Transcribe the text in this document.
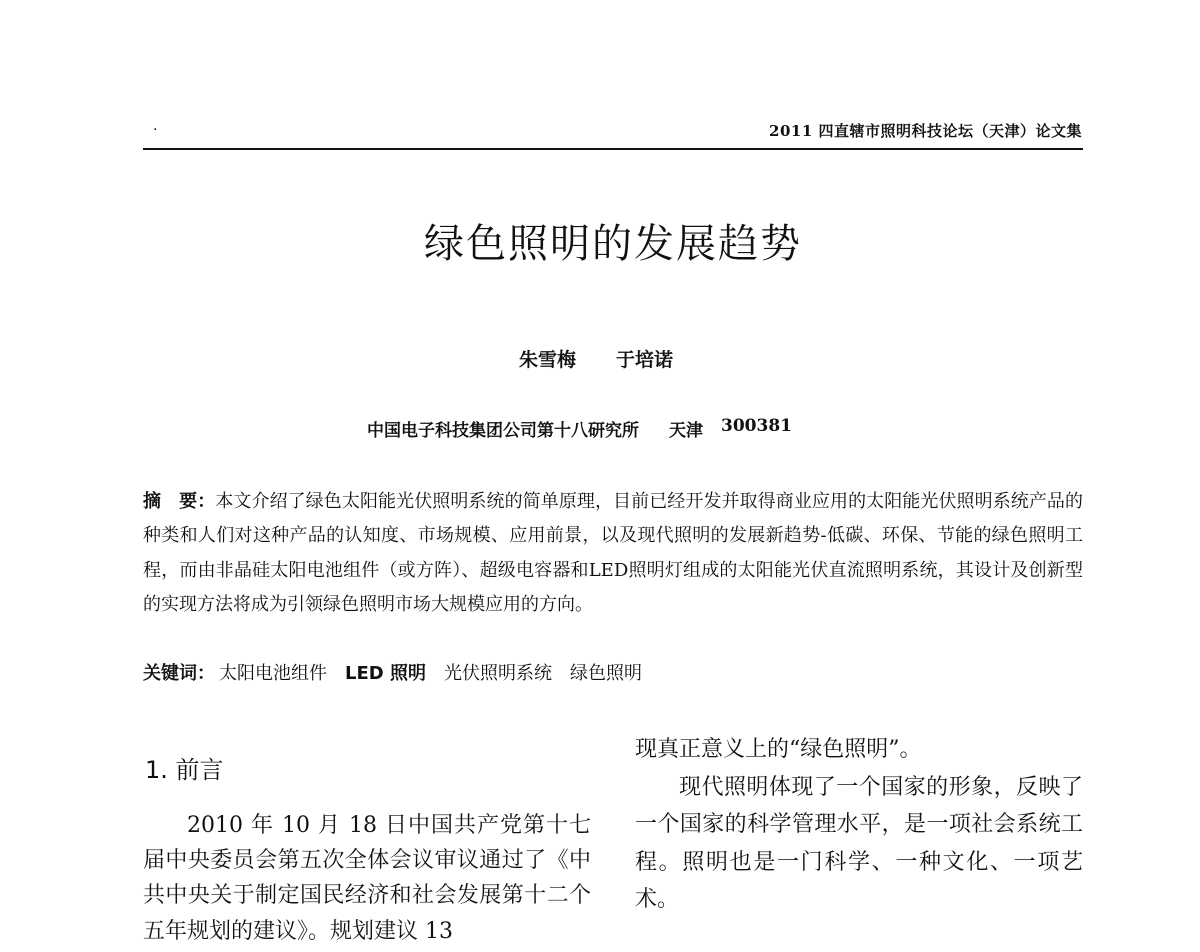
·	2011 四直辖市照明科技论坛（天津）论文集
绿色照明的发展趋势
朱雪梅 于培诺
中国电子科技集团公司第十八研究所 天津 300381

摘　要：本文介绍了绿色太阳能光伏照明系统的简单原理，目前已经开发并取得商业应用的太阳能光伏照明系统产品的种类和人们对这种产品的认知度、市场规模、应用前景，以及现代照明的发展新趋势-低碳、环保、节能的绿色照明工程，而由非晶硅太阳电池组件（或方阵）、超级电容器和LED照明灯组成的太阳能光伏直流照明系统，其设计及创新型的实现方法将成为引领绿色照明市场大规模应用的方向。

关键词： 太阳电池组件 LED 照明 光伏照明系统 绿色照明
1. 前言

2010 年 10 月 18 日中国共产党第十七届中央委员会第五次全体会议审议通过了《中共中央关于制定国民经济和社会发展第十二个五年规划的建议》。规划建议 13

现真正意义上的“绿色照明”。

现代照明体现了一个国家的形象，反映了一个国家的科学管理水平，是一项社会系统工程。照明也是一门科学、一种文化、一项艺术。
